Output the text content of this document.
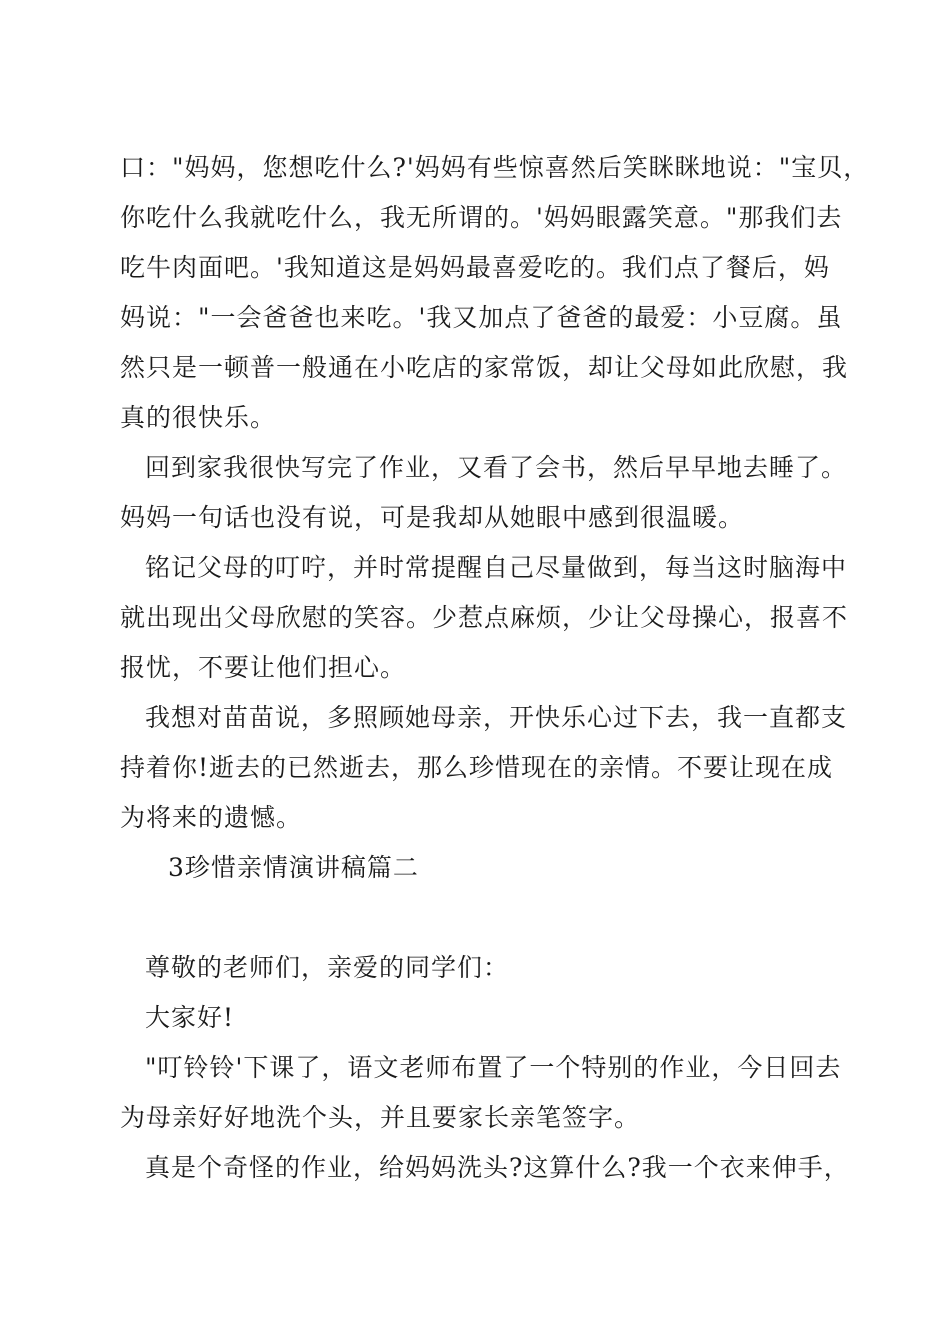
口："妈妈，您想吃什么?'妈妈有些惊喜然后笑眯眯地说："宝贝，
你吃什么我就吃什么，我无所谓的。'妈妈眼露笑意。"那我们去
吃牛肉面吧。'我知道这是妈妈最喜爱吃的。我们点了餐后，妈
妈说："一会爸爸也来吃。'我又加点了爸爸的最爱：小豆腐。虽
然只是一顿普一般通在小吃店的家常饭，却让父母如此欣慰，我
真的很快乐。
回到家我很快写完了作业，又看了会书，然后早早地去睡了。
妈妈一句话也没有说，可是我却从她眼中感到很温暖。
铭记父母的叮咛，并时常提醒自己尽量做到，每当这时脑海中
就出现出父母欣慰的笑容。少惹点麻烦，少让父母操心，报喜不
报忧，不要让他们担心。
我想对苗苗说，多照顾她母亲，开快乐心过下去，我一直都支
持着你!逝去的已然逝去，那么珍惜现在的亲情。不要让现在成
为将来的遗憾。
3珍惜亲情演讲稿篇二
尊敬的老师们，亲爱的同学们：
大家好!
"叮铃铃'下课了，语文老师布置了一个特别的作业，今日回去
为母亲好好地洗个头，并且要家长亲笔签字。
真是个奇怪的作业，给妈妈洗头?这算什么?我一个衣来伸手，
